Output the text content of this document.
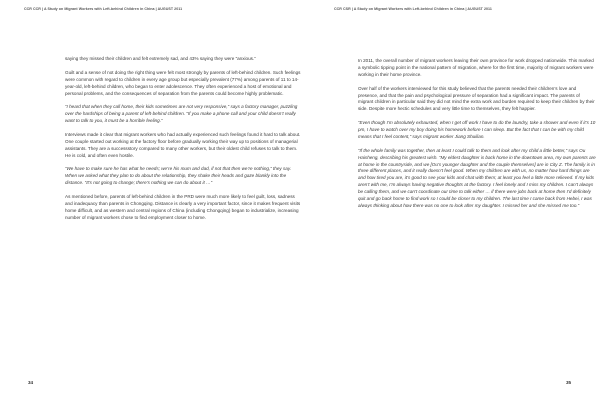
CCR CCR | A Study on Migrant Workers with Left-behind Children in China | AUGUST 2011

saying they missed their children and felt extremely sad, and 43% saying they were “anxious.”

Guilt and a sense of not doing the right thing were felt most strongly by parents of left-behind children. Such feelings were common with regard to children in every age group but especially prevalent (77%) among parents of 11 to 14-year-old, left-behind children, who began to enter adolescence. They often experienced a host of emotional and personal problems, and the consequences of separation from the parents could become highly problematic.

“I heard that when they call home, their kids sometimes are not very responsive,” says a factory manager, puzzling over the hardships of being a parent of left-behind children. “If you make a phone call and your child doesn’t really want to talk to you, it must be a horrible feeling.”

Interviews made it clear that migrant workers who had actually experienced such feelings found it hard to talk about. One couple started out working at the factory floor before gradually working their way up to positions of managerial assistants. They are a successstory compared to many other workers, but their oldest child refuses to talk to them. He is cold, and often even hostile.

“We have to make sure he has what he needs; we’re his mum and dad, if not that then we’re nothing,” they say. When we asked what they plan to do about the relationship, they shake their heads and gaze blankly into the distance. “It’s not going to change; there’s nothing we can do about it …”

As mentioned before, parents of left-behind children in the PRD were much more likely to feel guilt, loss, sadness and inadequacy than parents in Chongqing. Distance is clearly a very important factor, since it makes frequent visits home difficult, and as western and central regions of China (including Chongqing) began to industrialize, increasing number of migrant workers chose to find employment closer to home.

34
CCR CSR | A Study on Migrant Workers with Left-behind Children in China | AUGUST 2011

In 2011, the overall number of migrant workers leaving their own province for work dropped nationwide. This marked a symbolic tipping point in the national pattern of migration, where for the first time, majority of migrant workers were working in their home province.

Over half of the workers interviewed for this study believed that the parents needed their children’s love and presence, and that the pain and psychological pressure of separation had a significant impact. The parents of migrant children in particular said they did not mind the extra work and burden required to keep their children by their side. Despite more hectic schedules and very little time to themselves, they felt happier.

“Even though I’m absolutely exhausted, when I get off work I have to do the laundry, take a shower and even if it’s 10 pm, I have to watch over my boy doing his homework before I can sleep. But the fact that I can be with my child means that I feel content,” says migrant worker Jiang Shuilian.

“If the whole family was together, then at least I could talk to them and look after my child a little better,” says Ou Haisheng, describing his greatest wish. “My eldest daughter is back home in the downtown area, my own parents are at home in the countryside, and we [Ou’s younger daughter and the couple themselves] are in City Z. The family is in three different places, and it really doesn’t feel good. When my children are with us, no matter how hard things are and how tired you are, it’s good to see your kids and chat with them; at least you feel a little more relieved. If my kids aren’t with me, I’m always having negative thoughts at the factory. I feel lonely and I miss my children. I can’t always be calling them, and we can’t coordinate our time to talk either … if there were jobs back at home then I’d definitely quit and go back home to find work so I could be closer to my children. The last time I came back from Hebei, I was always thinking about how there was no one to look after my daughter. I missed her and she missed me too.”

35
